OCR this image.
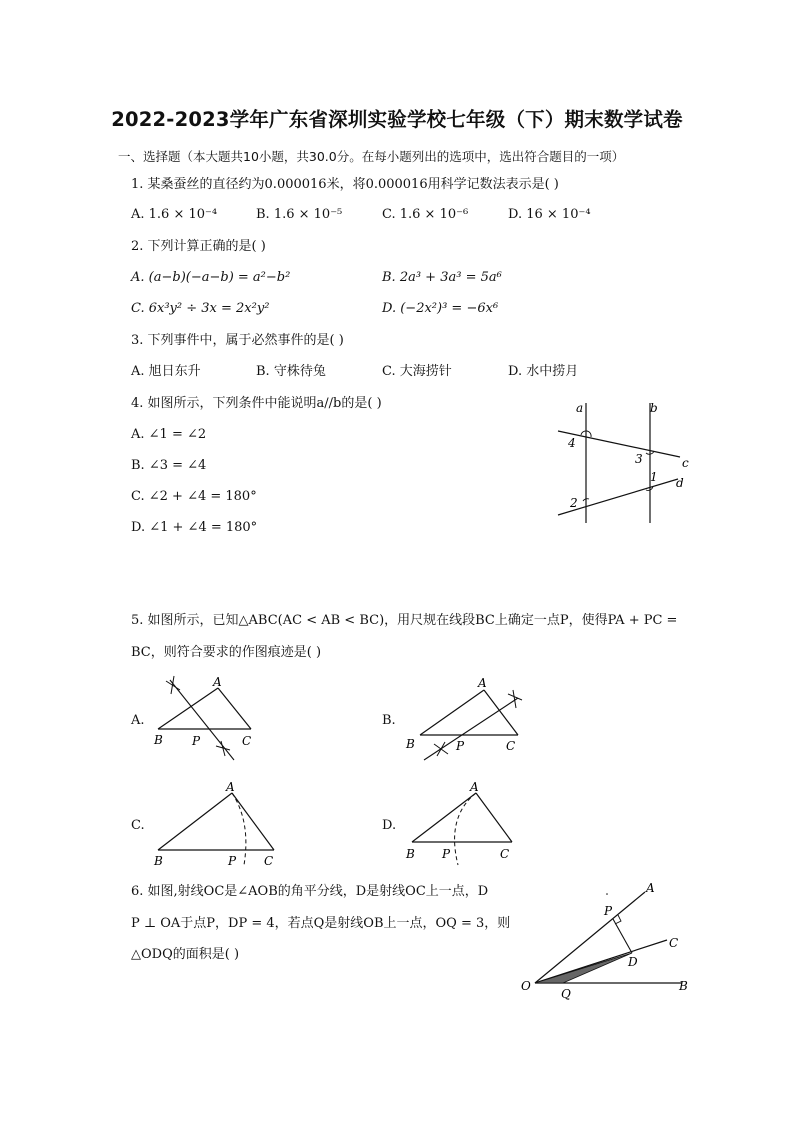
2022-2023学年广东省深圳实验学校七年级（下）期末数学试卷
一、选择题（本大题共10小题，共30.0分。在每小题列出的选项中，选出符合题目的一项）
1. 某桑蚕丝的直径约为0.000016米，将0.000016用科学记数法表示是( )
A. 1.6 × 10⁻⁴	B. 1.6 × 10⁻⁵	C. 1.6 × 10⁻⁶	D. 16 × 10⁻⁴
2. 下列计算正确的是( )
A. (a−b)(−a−b) = a²−b²	B. 2a³ + 3a³ = 5a⁶
C. 6x³y² ÷ 3x = 2x²y²	D. (−2x²)³ = −6x⁶
3. 下列事件中，属于必然事件的是( )
A. 旭日东升	B. 守株待兔	C. 大海捞针	D. 水中捞月
4. 如图所示，下列条件中能说明a//b的是( )
A. ∠1 = ∠2
B. ∠3 = ∠4
C. ∠2 + ∠4 = 180°
D. ∠1 + ∠4 = 180°
a	b
c
d
1
2
3
4
5. 如图所示，已知△ABC(AC < AB < BC)，用尺规在线段BC上确定一点P，使得PA + PC =
BC，则符合要求的作图痕迹是( )
A.	B.
C.	D.
A
B P	C
A
B	P	C
A
B	P C
A
B P	C
6. 如图,射线OC是∠AOB的角平分线，D是射线OC上一点，D
P ⊥ OA于点P，DP = 4，若点Q是射线OB上一点，OQ = 3，则
△ODQ的面积是( )
A
P
C
D
O
Q
B
